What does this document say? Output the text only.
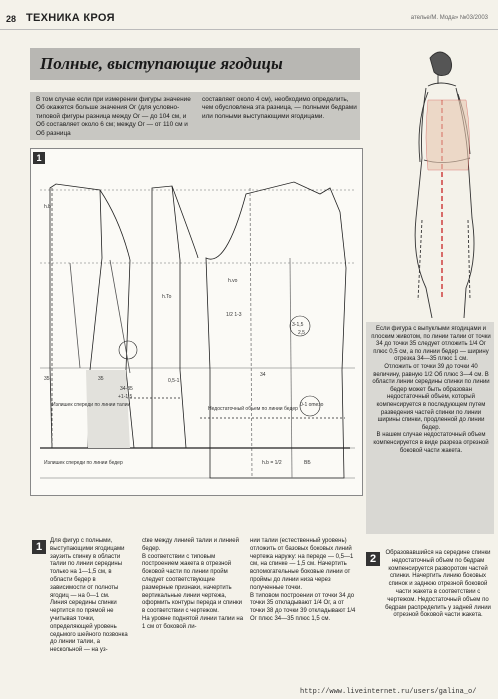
28 ТЕХНИКА КРОЯ	ателье/М. Мода» №03/2003
Полные, выступающие ягодицы
В том случае если при измерении фигуры значение Об окажется больше значения Ог (для условно-типовой фигуры разница между Ог — до 104 см, и Об составляет около 6 см; между Ог — от 110 см и Об разница
составляет около 4 см), необходимо определить, чем обусловлена эта разница, — полными бедрами или полными выступающими ягодицами.
1
h.vo
h.To
1/2 1-3
3-1,5
2,5
0,5-1
35
34-35
+1-1,5
0-1 omeзо
34
Излишек спереди по линии талии
Излишек спереди по линии бедер
Недостаточный объем по линии бедер
h.b = 1/2	ВБ
h.b
35
Если фигура с выпуклыми ягодицами и плоским животом, по линии талии от точки 34 до точки 35 следует отложить 1/4 Ог плюс 0,5 см, а по линии бедер — ширину отрезка 34—35 плюс 1 см.
Отложить от точки 39 до точки 40 величину, равную 1/2 Об плюс 3—4 см. В области линии середины спинки по линии бедер может быть образован недостаточный объем, который компенсируется в последующем путем разведения частей спинки по линии ширины спинки, продленной до линии бедер.
В нашем случае недостаточный объем компенсируется в виде разреза отрезной боковой части жакета.
1	Для фигур с полными, выступающими ягодицами заузить спинку в области талии по линии середины только на 1—1,5 см, в области бедер в зависимости от полноты ягодиц — на 0—1 см.
Линия середины спинки чертится по прямой не учитывая точки, определяющей уровень седьмого шейного позвонка до линии талии, а нескольной — на уз-
сtке между линией талии и линией бедер.
В соответствии с типовым построением жакета в отрезной боковой части по линии пройм следует соответствующие размерные признаки, начертить вертикальные линии чертежа, оформить контуры переда и спинки в соответствии с чертежом.
На уровне поднятой линии талии на 1 см от боковой ли-
нии талии (естественный уровень) отложить от базовых боковых линий чертежа наружу: на переде — 0,5—1 см, на спинке — 1,5 см. Начертить вспомогательные боковые линии от проймы до линии низа через полученные точки.
В типовом построении от точки 34 до точки 35 откладывают 1/4 Ог, а от точки 38 до точки 39 откладывают 1/4 Ог плюс 34—35 плюс 1,5 см.
2	Образовавшийся на середине спинки недостаточный объем по бедрам компенсируется разворотом частей спинки. Начертить линию боковых спинок и заднюю отрезной боковой части жакета в соответствии с чертежом. Недостаточный объем по бедрам распределить у задней линии отрезной боковой части жакета.
http://www.liveinternet.ru/users/galina_o/
